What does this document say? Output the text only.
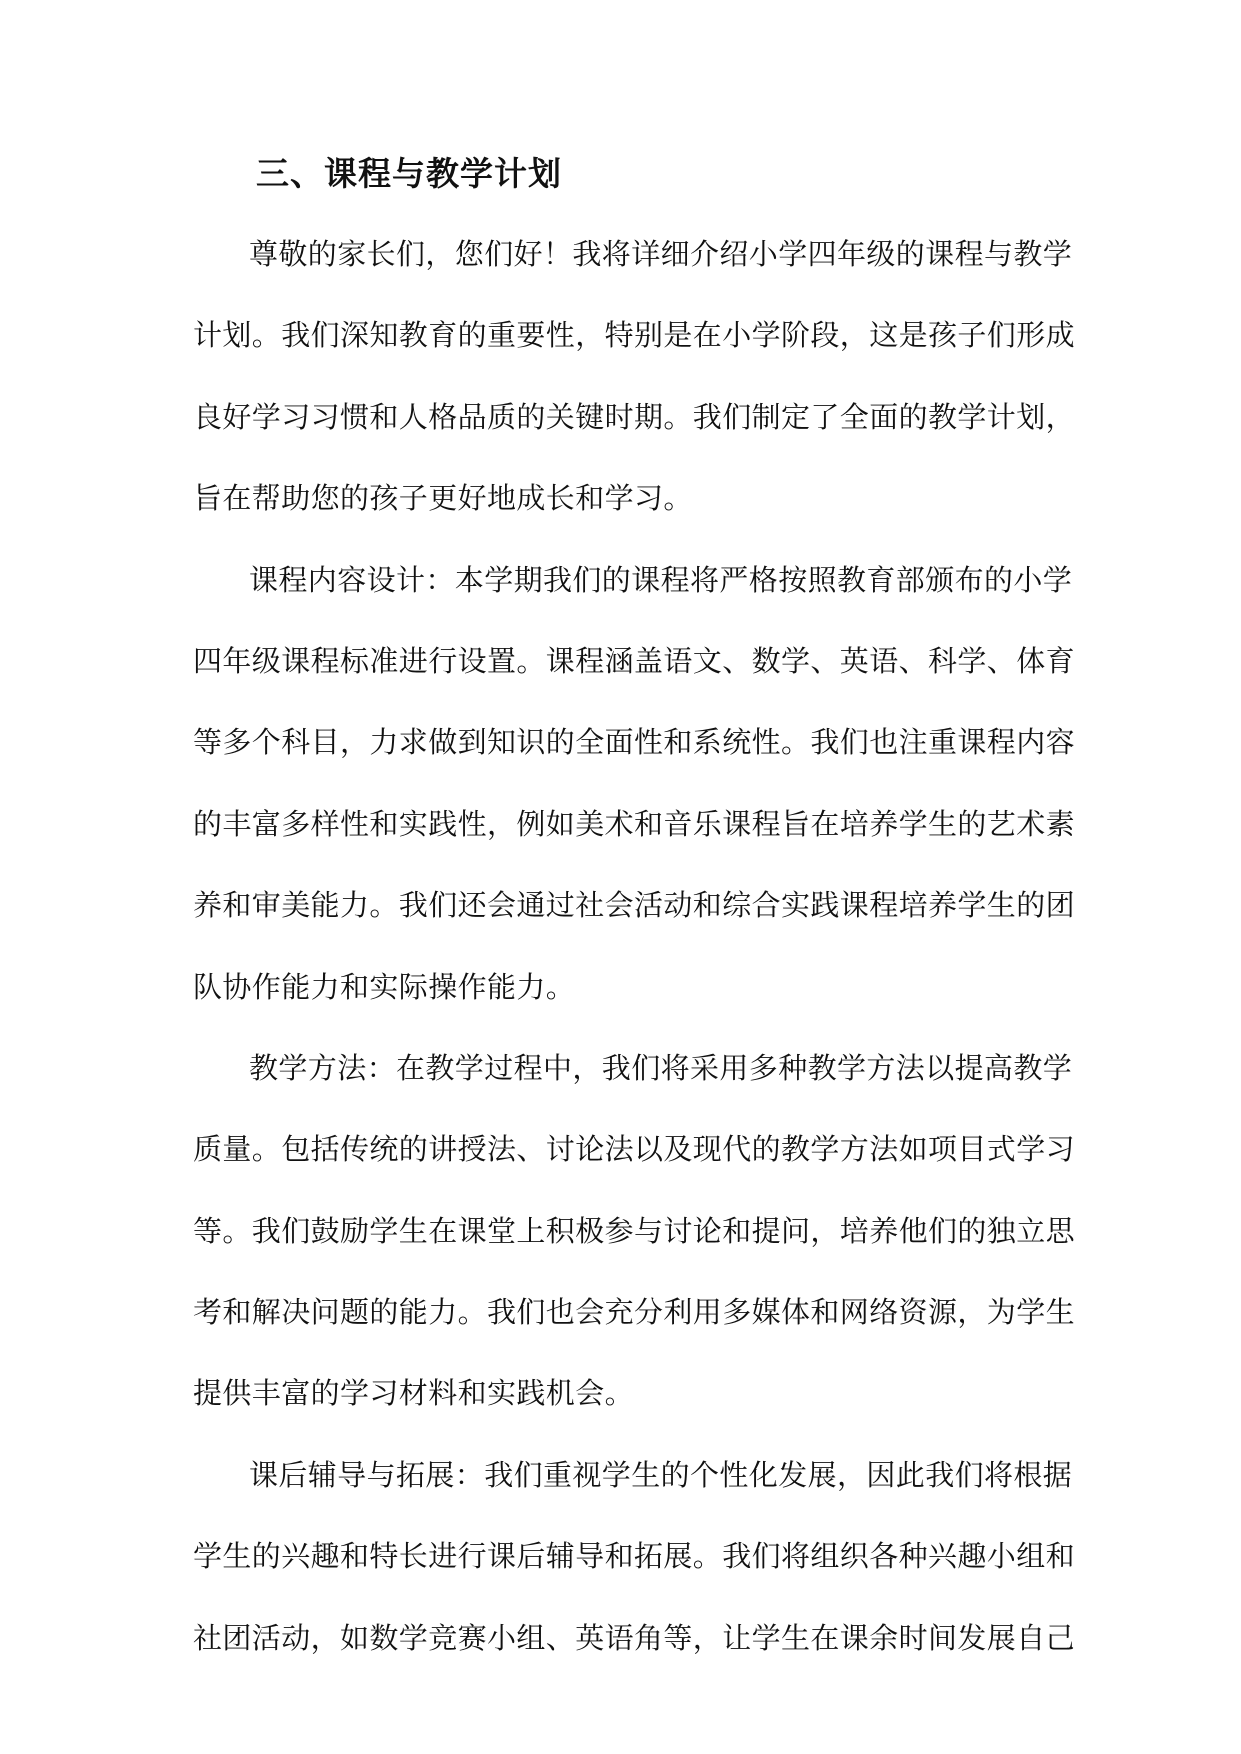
三、课程与教学计划
尊敬的家长们，您们好！我将详细介绍小学四年级的课程与教学
计划。我们深知教育的重要性，特别是在小学阶段，这是孩子们形成
良好学习习惯和人格品质的关键时期。我们制定了全面的教学计划，
旨在帮助您的孩子更好地成长和学习。
课程内容设计：本学期我们的课程将严格按照教育部颁布的小学
四年级课程标准进行设置。课程涵盖语文、数学、英语、科学、体育
等多个科目，力求做到知识的全面性和系统性。我们也注重课程内容
的丰富多样性和实践性，例如美术和音乐课程旨在培养学生的艺术素
养和审美能力。我们还会通过社会活动和综合实践课程培养学生的团
队协作能力和实际操作能力。
教学方法：在教学过程中，我们将采用多种教学方法以提高教学
质量。包括传统的讲授法、讨论法以及现代的教学方法如项目式学习
等。我们鼓励学生在课堂上积极参与讨论和提问，培养他们的独立思
考和解决问题的能力。我们也会充分利用多媒体和网络资源，为学生
提供丰富的学习材料和实践机会。
课后辅导与拓展：我们重视学生的个性化发展，因此我们将根据
学生的兴趣和特长进行课后辅导和拓展。我们将组织各种兴趣小组和
社团活动，如数学竞赛小组、英语角等，让学生在课余时间发展自己
